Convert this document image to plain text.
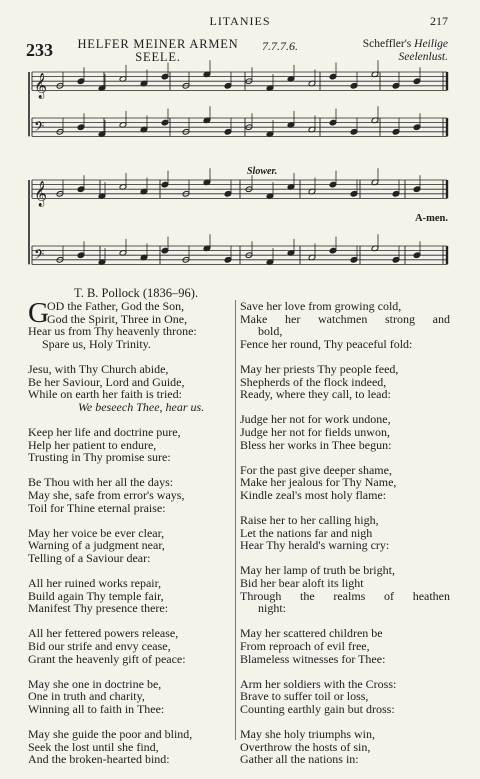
LITANIES	217
233	HELFER MEINER ARMEN
SEELE.
7.7.7.6.	Scheffler's Heilige
Seelenlust.
𝄞
𝄢
𝄞
𝄢
Slower.
A-men.
T. B. Pollock (1836–96).
G
OD the Father, God the Son,
God the Spirit, Three in One,
Hear us from Thy heavenly throne:
Spare us, Holy Trinity.
Jesu, with Thy Church abide,
Be her Saviour, Lord and Guide,
While on earth her faith is tried:
We beseech Thee, hear us.
Keep her life and doctrine pure,
Help her patient to endure,
Trusting in Thy promise sure:
Be Thou with her all the days:
May she, safe from error's ways,
Toil for Thine eternal praise:
May her voice be ever clear,
Warning of a judgment near,
Telling of a Saviour dear:
All her ruined works repair,
Build again Thy temple fair,
Manifest Thy presence there:
All her fettered powers release,
Bid our strife and envy cease,
Grant the heavenly gift of peace:
May she one in doctrine be,
One in truth and charity,
Winning all to faith in Thee:
May she guide the poor and blind,
Seek the lost until she find,
And the broken-hearted bind:
Save her love from growing cold,
Make her watchmen strong and
bold,
Fence her round, Thy peaceful fold:
May her priests Thy people feed,
Shepherds of the flock indeed,
Ready, where they call, to lead:
Judge her not for work undone,
Judge her not for fields unwon,
Bless her works in Thee begun:
For the past give deeper shame,
Make her jealous for Thy Name,
Kindle zeal's most holy flame:
Raise her to her calling high,
Let the nations far and nigh
Hear Thy herald's warning cry:
May her lamp of truth be bright,
Bid her bear aloft its light
Through the realms of heathen
night:
May her scattered children be
From reproach of evil free,
Blameless witnesses for Thee:
Arm her soldiers with the Cross:
Brave to suffer toil or loss,
Counting earthly gain but dross:
May she holy triumphs win,
Overthrow the hosts of sin,
Gather all the nations in:
